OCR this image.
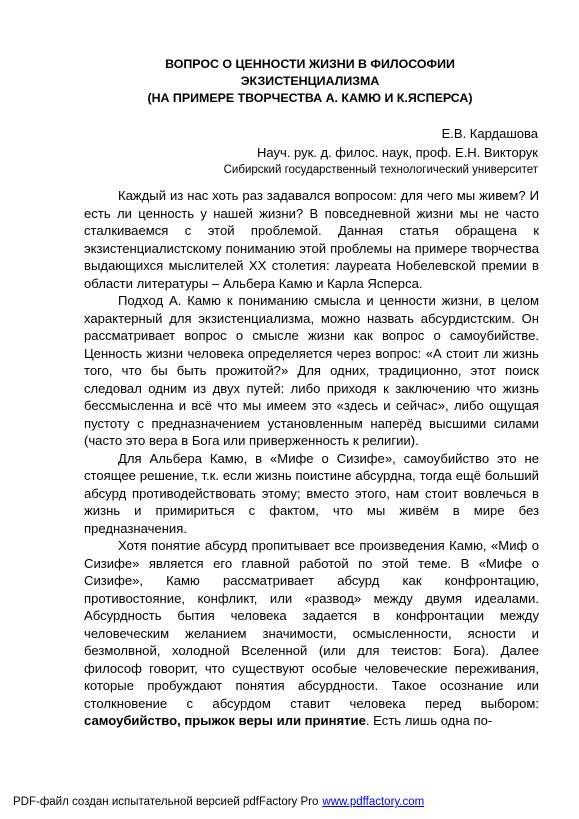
ВОПРОС О ЦЕННОСТИ ЖИЗНИ В ФИЛОСОФИИ
ЭКЗИСТЕНЦИАЛИЗМА
(НА ПРИМЕРЕ ТВОРЧЕСТВА А. КАМЮ И К.ЯСПЕРСА)
Е.В. Кардашова
Науч. рук. д. филос. наук, проф. Е.Н. Викторук
Сибирский государственный технологический университет

Каждый из нас хоть раз задавался вопросом: для чего мы живем? И есть ли ценность у нашей жизни? В повседневной жизни мы не часто сталкиваемся с этой проблемой. Данная статья обращена к экзистенциалистскому пониманию этой проблемы на примере творчества выдающихся мыслителей XX столетия: лауреата Нобелевской премии в области литературы – Альбера Камю и Карла Ясперса.

Подход А. Камю к пониманию смысла и ценности жизни, в целом характерный для экзистенциализма, можно назвать абсурдистским. Он рассматривает вопрос о смысле жизни как вопрос о самоубийстве. Ценность жизни человека определяется через вопрос: «А стоит ли жизнь того, что бы быть прожитой?» Для одних, традиционно, этот поиск следовал одним из двух путей: либо приходя к заключению что жизнь бессмысленна и всё что мы имеем это «здесь и сейчас», либо ощущая пустоту с предназначением установленным наперёд высшими силами (часто это вера в Бога или приверженность к религии).

Для Альбера Камю, в «Мифе о Сизифе», самоубийство это не стоящее решение, т.к. если жизнь поистине абсурдна, тогда ещё больший абсурд противодействовать этому; вместо этого, нам стоит вовлечься в жизнь и примириться с фактом, что мы живём в мире без предназначения.

Хотя понятие абсурд пропитывает все произведения Камю, «Миф о Сизифе» является его главной работой по этой теме. В «Мифе о Сизифе», Камю рассматривает абсурд как конфронтацию, противостояние, конфликт, или «развод» между двумя идеалами. Абсурдность бытия человека задается в конфронтации между человеческим желанием значимости, осмысленности, ясности и безмолвной, холодной Вселенной (или для теистов: Бога). Далее философ говорит, что существуют особые человеческие переживания, которые пробуждают понятия абсурдности. Такое осознание или столкновение с абсурдом ставит человека перед выбором: самоубийство, прыжок веры или принятие. Есть лишь одна по-

PDF-файл создан испытательной версией pdfFactory Pro www.pdffactory.com
